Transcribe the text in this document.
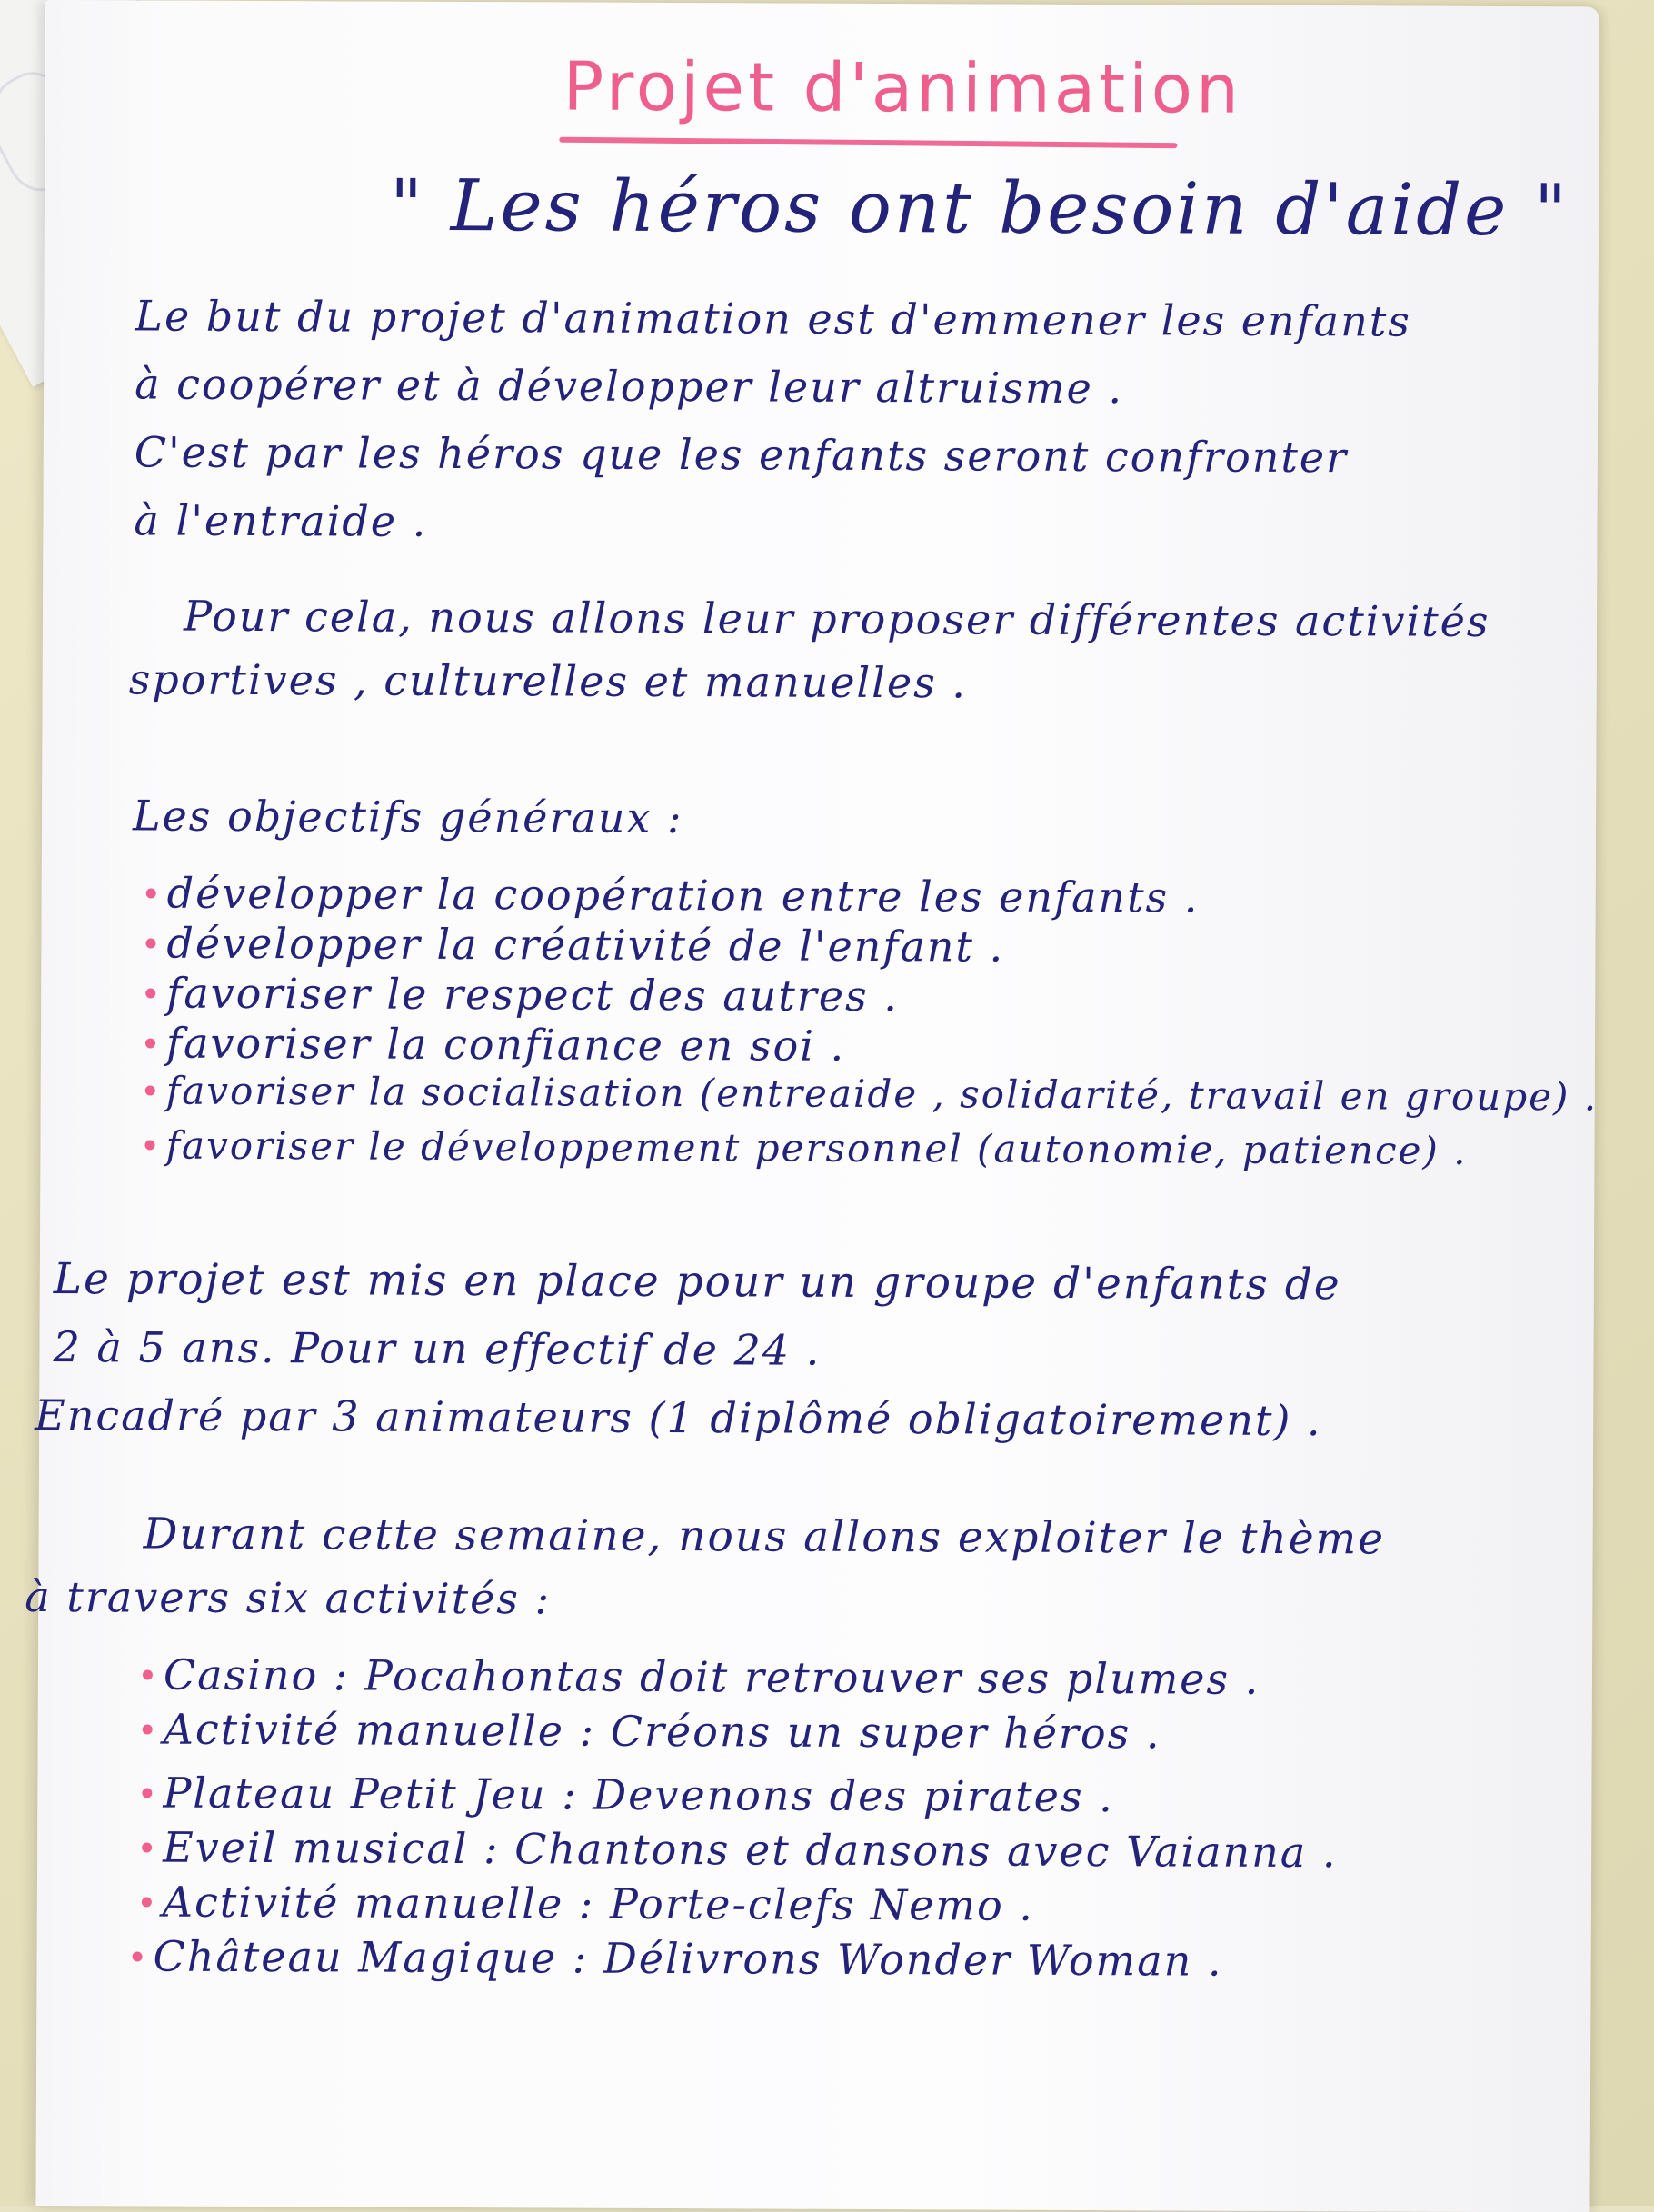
Projet d'animation
" Les héros ont besoin d'aide "
Le but du projet d'animation est d'emmener les enfants
à coopérer et à développer leur altruisme .
C'est par les héros que les enfants seront confronter
à l'entraide .
Pour cela, nous allons leur proposer différentes activités
sportives , culturelles et manuelles .
Les objectifs généraux :
développer la coopération entre les enfants .
développer la créativité de l'enfant .
favoriser le respect des autres .
favoriser la confiance en soi .
favoriser la socialisation (entreaide , solidarité, travail en groupe) .
favoriser le développement personnel (autonomie, patience) .
Le projet est mis en place pour un groupe d'enfants de
2 à 5 ans. Pour un effectif de 24 .
Encadré par 3 animateurs (1 diplômé obligatoirement) .
Durant cette semaine, nous allons exploiter le thème
à travers six activités :
Casino : Pocahontas doit retrouver ses plumes .
Activité manuelle : Créons un super héros .
Plateau Petit Jeu : Devenons des pirates .
Eveil musical : Chantons et dansons avec Vaianna .
Activité manuelle : Porte-clefs Nemo .
Château Magique : Délivrons Wonder Woman .
